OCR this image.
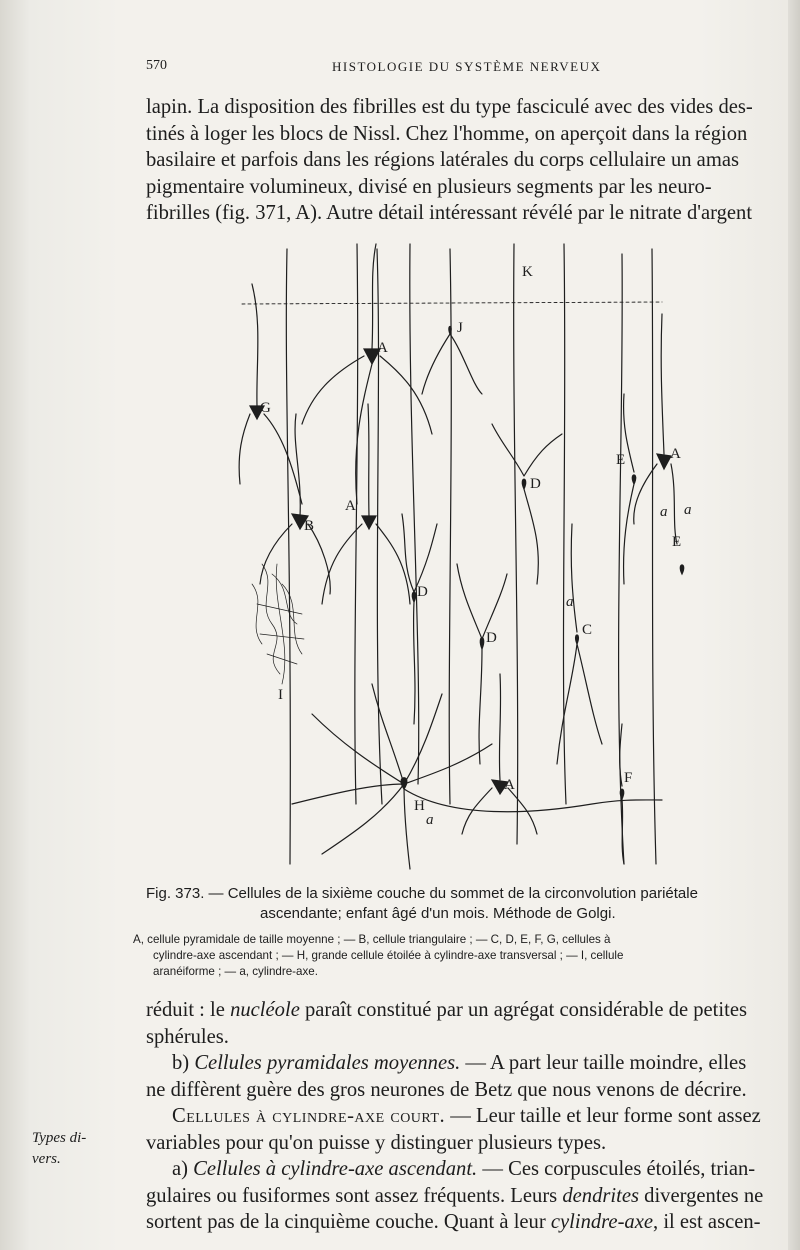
570	HISTOLOGIE DU SYSTÈME NERVEUX

lapin. La disposition des fibrilles est du type fasciculé avec des vides des-
tinés à loger les blocs de Nissl. Chez l'homme, on aperçoit dans la région
basilaire et parfois dans les régions latérales du corps cellulaire un amas
pigmentaire volumineux, divisé en plusieurs segments par les neuro-
fibrilles (fig. 371, A). Autre détail intéressant révélé par le nitrate d'argent

K
J
A
G
E	A
D
a a
E
B
A
D
D
a
C
I
A
H
a
F
Fig. 373. — Cellules de la sixième couche du sommet de la circonvolution pariétale
ascendante; enfant âgé d'un mois. Méthode de Golgi.
A, cellule pyramidale de taille moyenne ; — B, cellule triangulaire ; — C, D, E, F, G, cellules à
cylindre-axe ascendant ; — H, grande cellule étoilée à cylindre-axe transversal ; — I, cellule
aranéiforme ; — a, cylindre-axe.

réduit : le nucléole paraît constitué par un agrégat considérable de petites
sphérules.
b) Cellules pyramidales moyennes. — A part leur taille moindre, elles
ne diffèrent guère des gros neurones de Betz que nous venons de décrire.
Cellules à cylindre-axe court. — Leur taille et leur forme sont assez
variables pour qu'on puisse y distinguer plusieurs types.
a) Cellules à cylindre-axe ascendant. — Ces corpuscules étoilés, trian-
gulaires ou fusiformes sont assez fréquents. Leurs dendrites divergentes ne
sortent pas de la cinquième couche. Quant à leur cylindre-axe, il est ascen-

Types di-
vers.
